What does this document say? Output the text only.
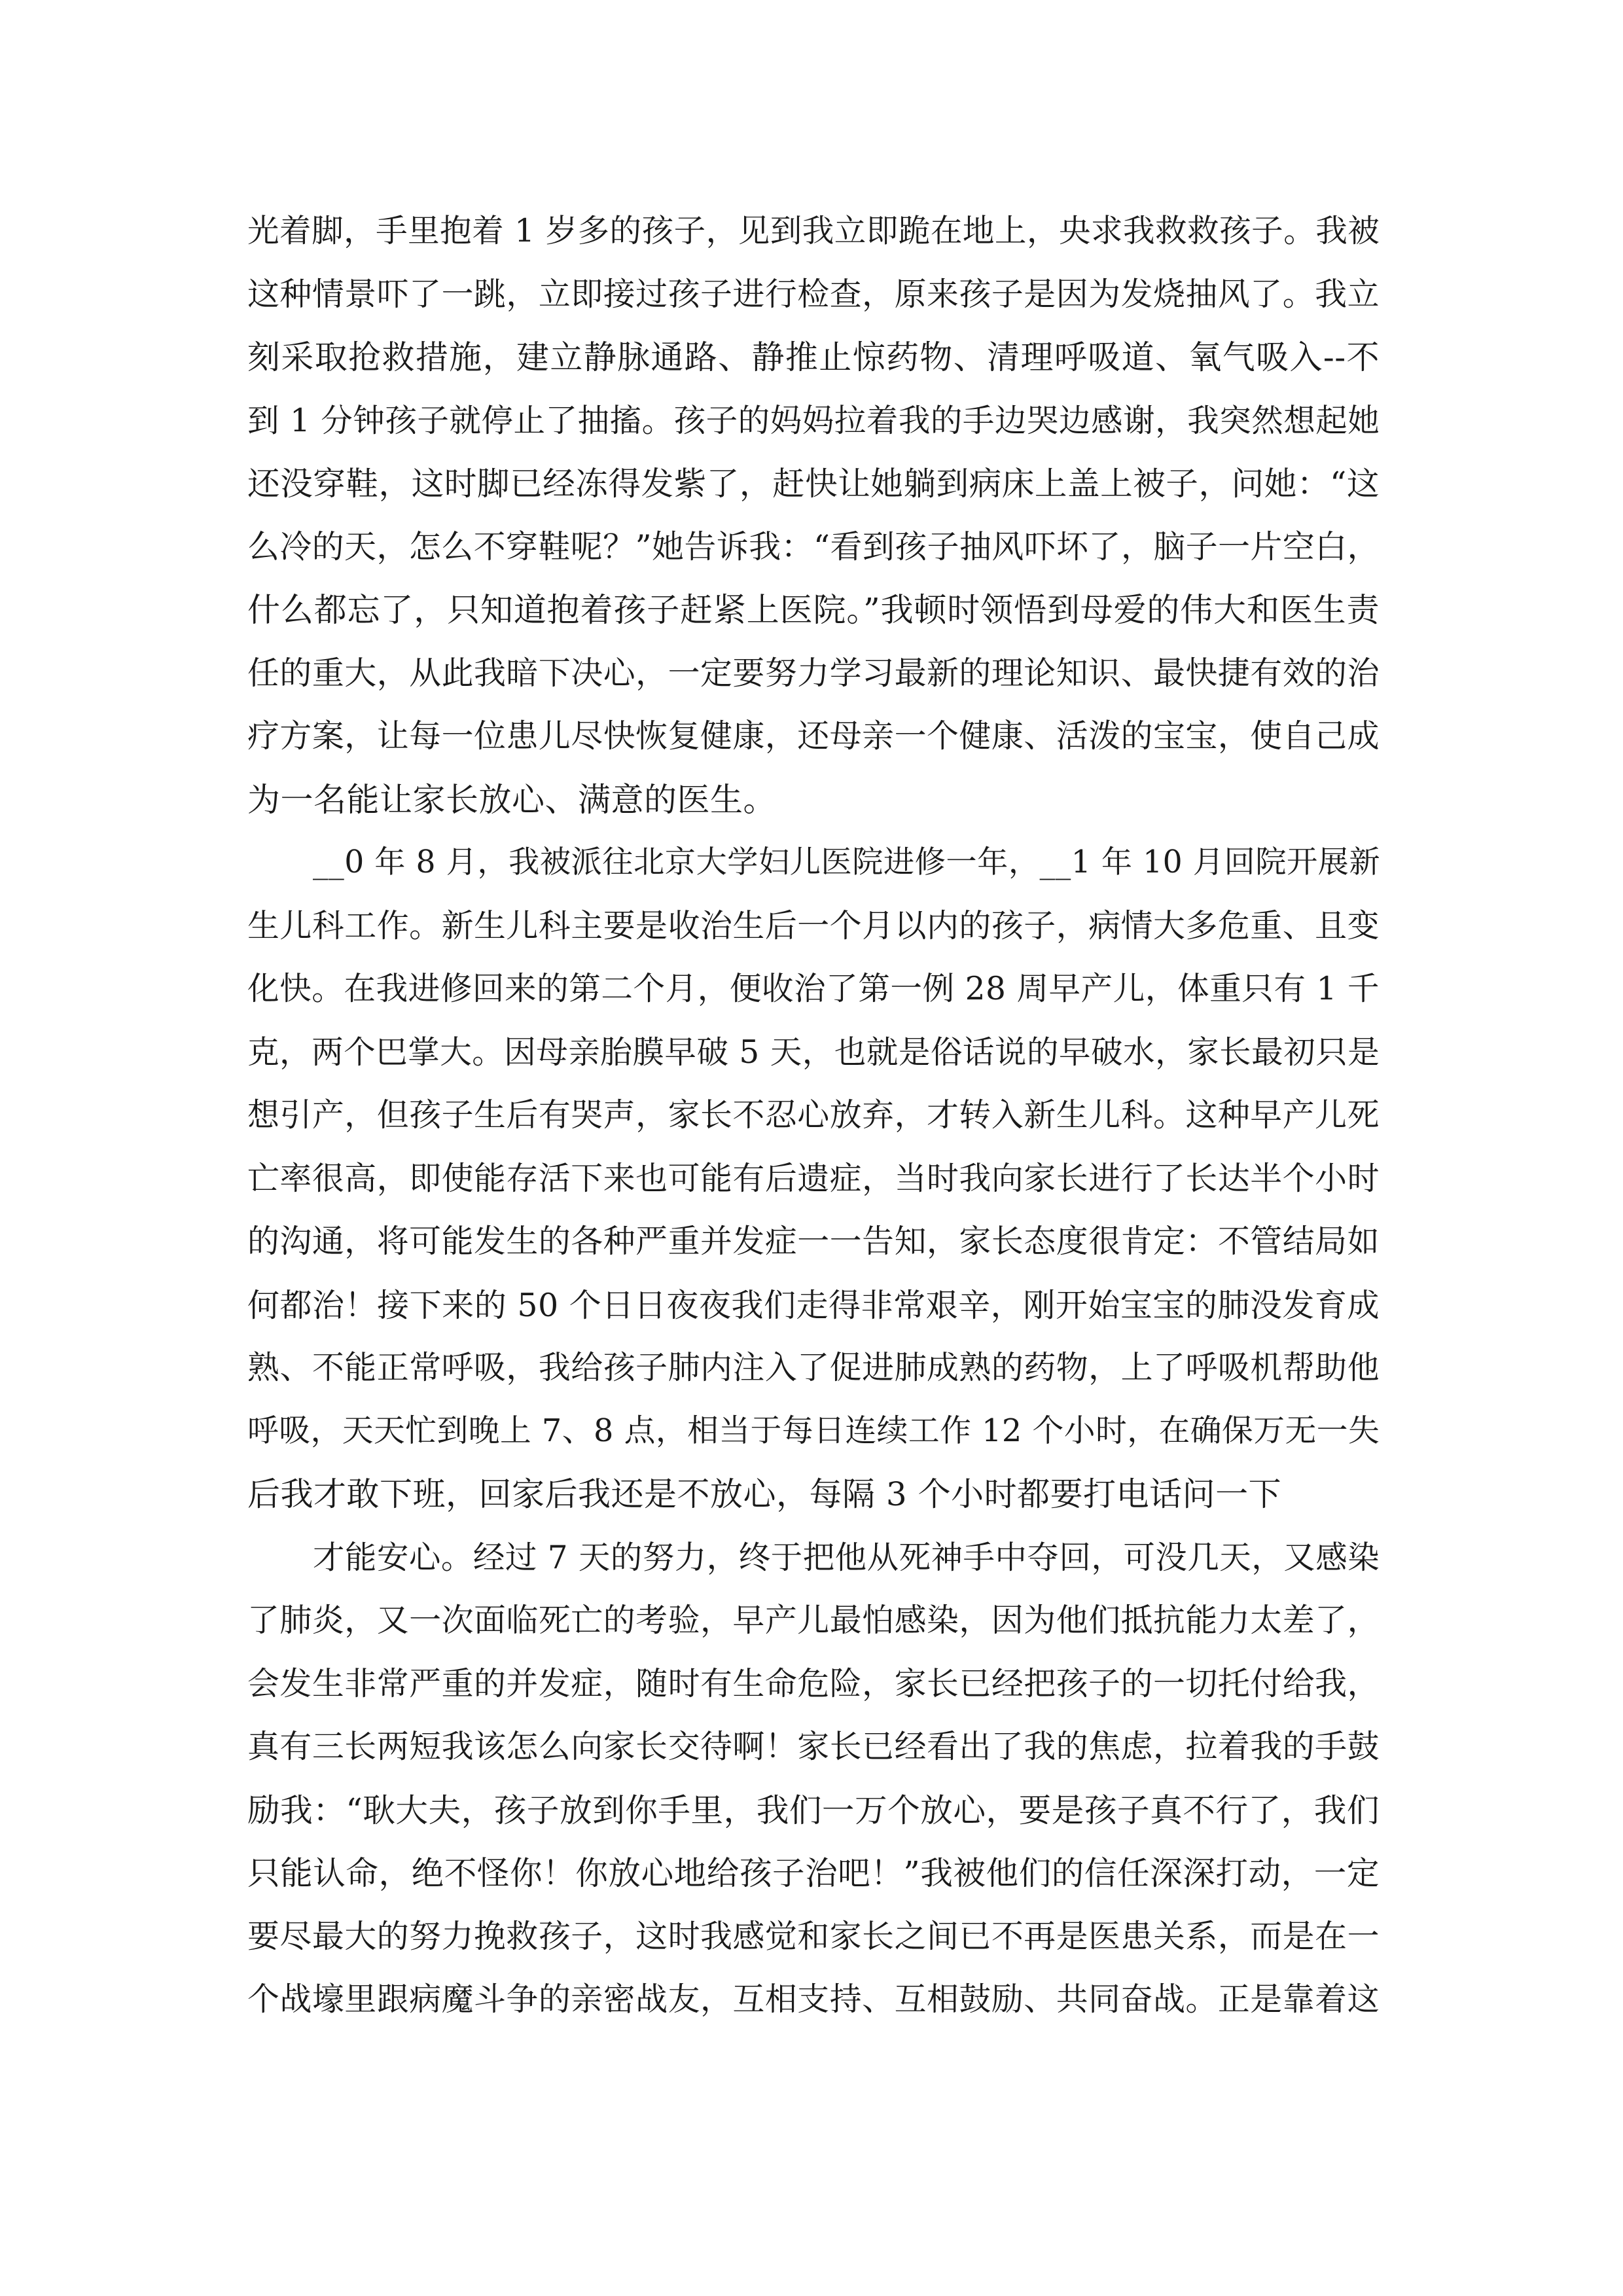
光着脚，手里抱着 1 岁多的孩子，见到我立即跪在地上，央求我救救孩子。我被
这种情景吓了一跳，立即接过孩子进行检查，原来孩子是因为发烧抽风了。我立
刻采取抢救措施，建立静脉通路、静推止惊药物、清理呼吸道、氧气吸入--不
到 1 分钟孩子就停止了抽搐。孩子的妈妈拉着我的手边哭边感谢，我突然想起她
还没穿鞋，这时脚已经冻得发紫了，赶快让她躺到病床上盖上被子，问她：“这
么冷的天，怎么不穿鞋呢？”她告诉我：“看到孩子抽风吓坏了，脑子一片空白，
什么都忘了，只知道抱着孩子赶紧上医院。”我顿时领悟到母爱的伟大和医生责
任的重大，从此我暗下决心，一定要努力学习最新的理论知识、最快捷有效的治
疗方案，让每一位患儿尽快恢复健康，还母亲一个健康、活泼的宝宝，使自己成
为一名能让家长放心、满意的医生。
__0 年 8 月，我被派往北京大学妇儿医院进修一年，__1 年 10 月回院开展新
生儿科工作。新生儿科主要是收治生后一个月以内的孩子，病情大多危重、且变
化快。在我进修回来的第二个月，便收治了第一例 28 周早产儿，体重只有 1 千
克，两个巴掌大。因母亲胎膜早破 5 天，也就是俗话说的早破水，家长最初只是
想引产，但孩子生后有哭声，家长不忍心放弃，才转入新生儿科。这种早产儿死
亡率很高，即使能存活下来也可能有后遗症，当时我向家长进行了长达半个小时
的沟通，将可能发生的各种严重并发症一一告知，家长态度很肯定：不管结局如
何都治！接下来的 50 个日日夜夜我们走得非常艰辛，刚开始宝宝的肺没发育成
熟、不能正常呼吸，我给孩子肺内注入了促进肺成熟的药物，上了呼吸机帮助他
呼吸，天天忙到晚上 7、8 点，相当于每日连续工作 12 个小时，在确保万无一失
后我才敢下班，回家后我还是不放心，每隔 3 个小时都要打电话问一下
才能安心。经过 7 天的努力，终于把他从死神手中夺回，可没几天，又感染
了肺炎，又一次面临死亡的考验，早产儿最怕感染，因为他们抵抗能力太差了，
会发生非常严重的并发症，随时有生命危险，家长已经把孩子的一切托付给我，
真有三长两短我该怎么向家长交待啊！家长已经看出了我的焦虑，拉着我的手鼓
励我：“耿大夫，孩子放到你手里，我们一万个放心，要是孩子真不行了，我们
只能认命，绝不怪你！你放心地给孩子治吧！”我被他们的信任深深打动，一定
要尽最大的努力挽救孩子，这时我感觉和家长之间已不再是医患关系，而是在一
个战壕里跟病魔斗争的亲密战友，互相支持、互相鼓励、共同奋战。正是靠着这
